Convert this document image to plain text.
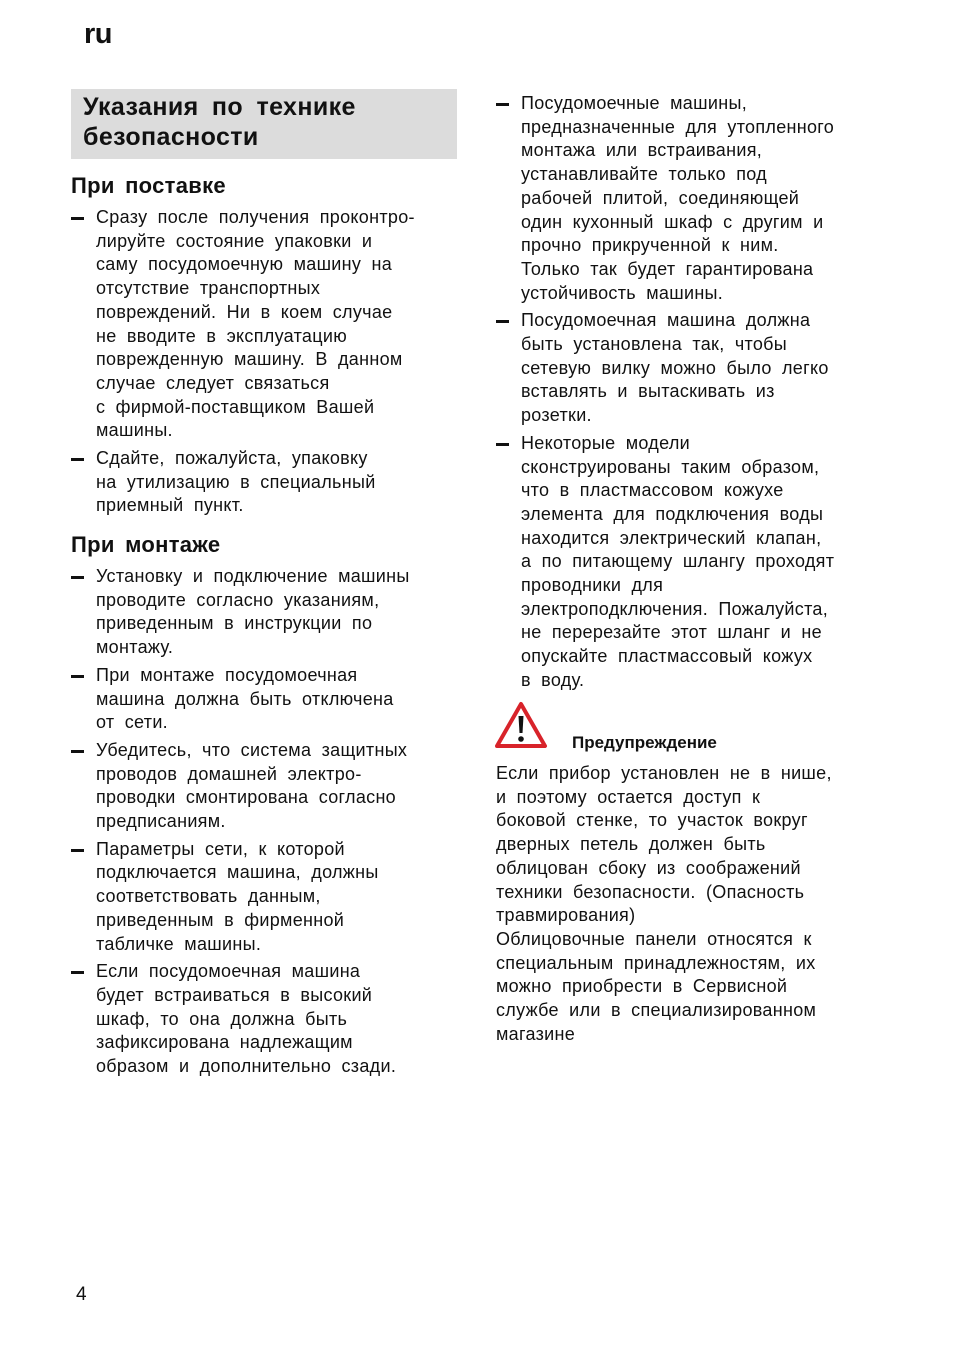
ru
Указания по технике
безопасности
При поставке
Сразу после получения проконтро-
лируйте состояние упаковки и
саму посудомоечную машину на
отсутствие транспортных
повреждений. Ни в коем случае
не вводите в эксплуатацию
поврежденную машину. В данном
случае следует связаться
с фирмой-поставщиком Вашей
машины.
Сдайте, пожалуйста, упаковку
на утилизацию в специальный
приемный пункт.
При монтаже
Установку и подключение машины
проводите согласно указаниям,
приведенным в инструкции по
монтажу.
При монтаже посудомоечная
машина должна быть отключена
от сети.
Убедитесь, что система защитных
проводов домашней электро-
проводки смонтирована согласно
предписаниям.
Параметры сети, к которой
подключается машина, должны
соответствовать данным,
приведенным в фирменной
табличке машины.
Если посудомоечная машина
будет встраиваться в высокий
шкаф, то она должна быть
зафиксирована надлежащим
образом и дополнительно сзади.
Посудомоечные машины,
предназначенные для утопленного
монтажа или встраивания,
устанавливайте только под
рабочей плитой, соединяющей
один кухонный шкаф с другим и
прочно прикрученной к ним.
Только так будет гарантирована
устойчивость машины.
Посудомоечная машина должна
быть установлена так, чтобы
сетевую вилку можно было легко
вставлять и вытаскивать из
розетки.
Некоторые модели
сконструированы таким образом,
что в пластмассовом кожухе
элемента для подключения воды
находится электрический клапан,
а по питающему шлангу проходят
проводники для
электроподключения. Пожалуйста,
не перерезайте этот шланг и не
опускайте пластмассовый кожух
в воду.
Предупреждение
Если прибор установлен не в нише,
и поэтому остается доступ к
боковой стенке, то участок вокруг
дверных петель должен быть
облицован сбоку из соображений
техники безопасности. (Опасность
травмирования)
Облицовочные панели относятся к
специальным принадлежностям, их
можно приобрести в Сервисной
службе или в специализированном
магазине
4
